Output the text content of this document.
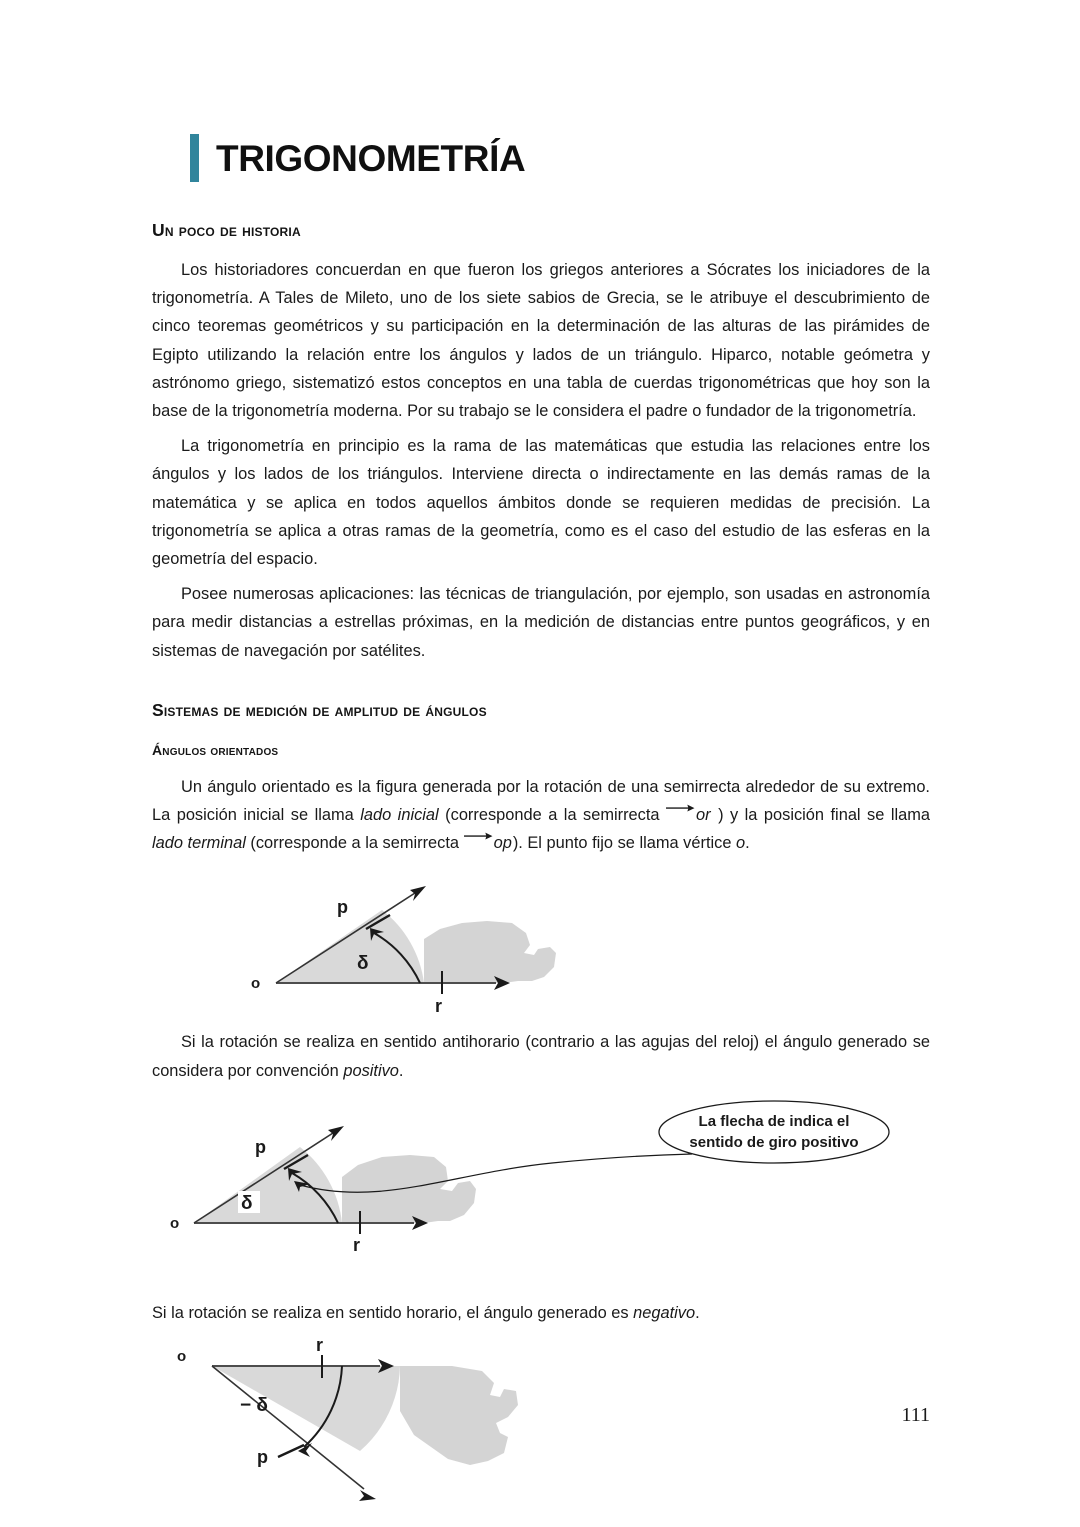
TRIGONOMETRÍA
Un poco de historia

Los historiadores concuerdan en que fueron los griegos anteriores a Sócrates los iniciadores de la trigonometría. A Tales de Mileto, uno de los siete sabios de Grecia, se le atribuye el descubrimiento de cinco teoremas geométricos y su participación en la determinación de las alturas de las pirámides de Egipto utilizando la relación entre los ángulos y lados de un triángulo. Hiparco, notable geómetra y astrónomo griego, sistematizó estos conceptos en una tabla de cuerdas trigonométricas que hoy son la base de la trigonometría moderna. Por su trabajo se le considera el padre o fundador de la trigonometría.

La trigonometría en principio es la rama de las matemáticas que estudia las relaciones entre los ángulos y los lados de los triángulos. Interviene directa o indirectamente en las demás ramas de la matemática y se aplica en todos aquellos ámbitos donde se requieren medidas de precisión. La trigonometría se aplica a otras ramas de la geometría, como es el caso del estudio de las esferas en la geometría del espacio.

Posee numerosas aplicaciones: las técnicas de triangulación, por ejemplo, son usadas en astronomía para medir distancias a estrellas próximas, en la medición de distancias entre puntos geográficos, y en sistemas de navegación por satélites.

Sistemas de medición de amplitud de ángulos
Ángulos orientados

Un ángulo orientado es la figura generada por la rotación de una semirrecta alrededor de su extremo. La posición inicial se llama lado inicial (corresponde a la semirrecta or
) y la posición final se llama lado terminal (corresponde a la semirrecta op
). El punto fijo se llama vértice o.

o
p
r
δ

Si la rotación se realiza en sentido antihorario (contrario a las agujas del reloj) el ángulo generado se considera por convención positivo.

δ
o
p
r
La flecha de indica el
sentido de giro positivo

Si la rotación se realiza en sentido horario, el ángulo generado es negativo.

o
r
p
− δ	111
